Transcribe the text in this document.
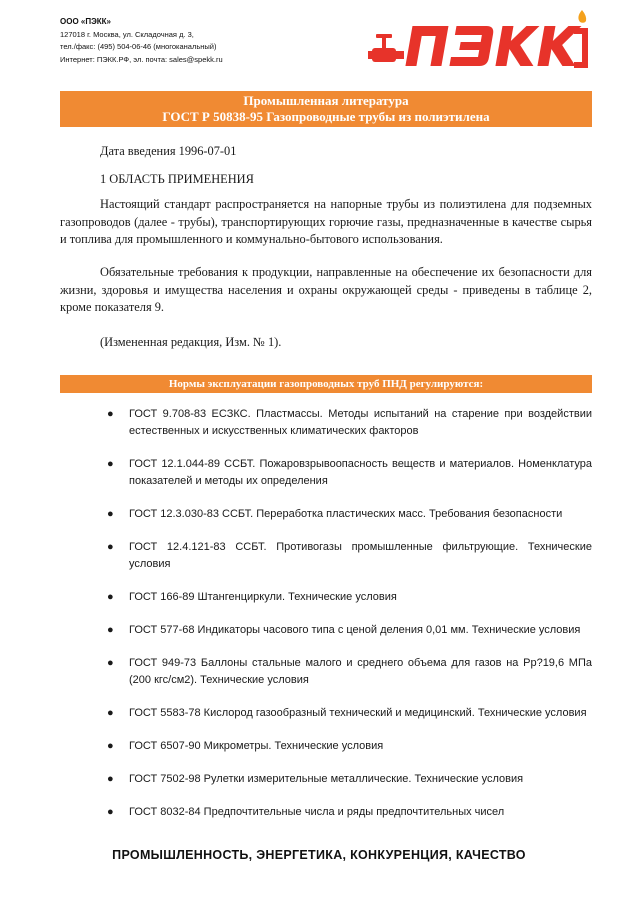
ООО «ПЭКК»
127018 г. Москва, ул. Складочная д. 3,
тел./факс: (495) 504-06-46 (многоканальный)
Интернет: ПЭКК.РФ, эл. почта: sales@spekk.ru
ПЭКК
Промышленная литература
ГОСТ Р 50838-95 Газопроводные трубы из полиэтилена
Дата введения 1996-07-01
1 ОБЛАСТЬ ПРИМЕНЕНИЯ
Настоящий стандарт распространяется на напорные трубы из полиэтилена для подземных газопроводов (далее - трубы), транспортирующих горючие газы, предназначенные в качестве сырья и топлива для промышленного и коммунально-бытового использования.
Обязательные требования к продукции, направленные на обеспечение их безопасности для жизни, здоровья и имущества населения и охраны окружающей среды - приведены в таблице 2, кроме показателя 9.
(Измененная редакция, Изм. № 1).
Нормы эксплуатации газопроводных труб ПНД регулируются:
● ГОСТ 9.708-83 ЕСЗКС. Пластмассы. Методы испытаний на старение при воздействии естественных и искусственных климатических факторов
● ГОСТ 12.1.044-89 ССБТ. Пожаровзрывоопасность веществ и материалов. Номенклатура показателей и методы их определения
● ГОСТ 12.3.030-83 ССБТ. Переработка пластических масс. Требования безопасности
● ГОСТ 12.4.121-83 ССБТ. Противогазы промышленные фильтрующие. Технические условия
● ГОСТ 166-89 Штангенциркули. Технические условия
● ГОСТ 577-68 Индикаторы часового типа с ценой деления 0,01 мм. Технические условия
● ГОСТ 949-73 Баллоны стальные малого и среднего объема для газов на Рр?19,6 МПа (200 кгс/см2). Технические условия
● ГОСТ 5583-78 Кислород газообразный технический и медицинский. Технические условия
● ГОСТ 6507-90 Микрометры. Технические условия
● ГОСТ 7502-98 Рулетки измерительные металлические. Технические условия
● ГОСТ 8032-84 Предпочтительные числа и ряды предпочтительных чисел
ПРОМЫШЛЕННОСТЬ, ЭНЕРГЕТИКА, КОНКУРЕНЦИЯ, КАЧЕСТВО
